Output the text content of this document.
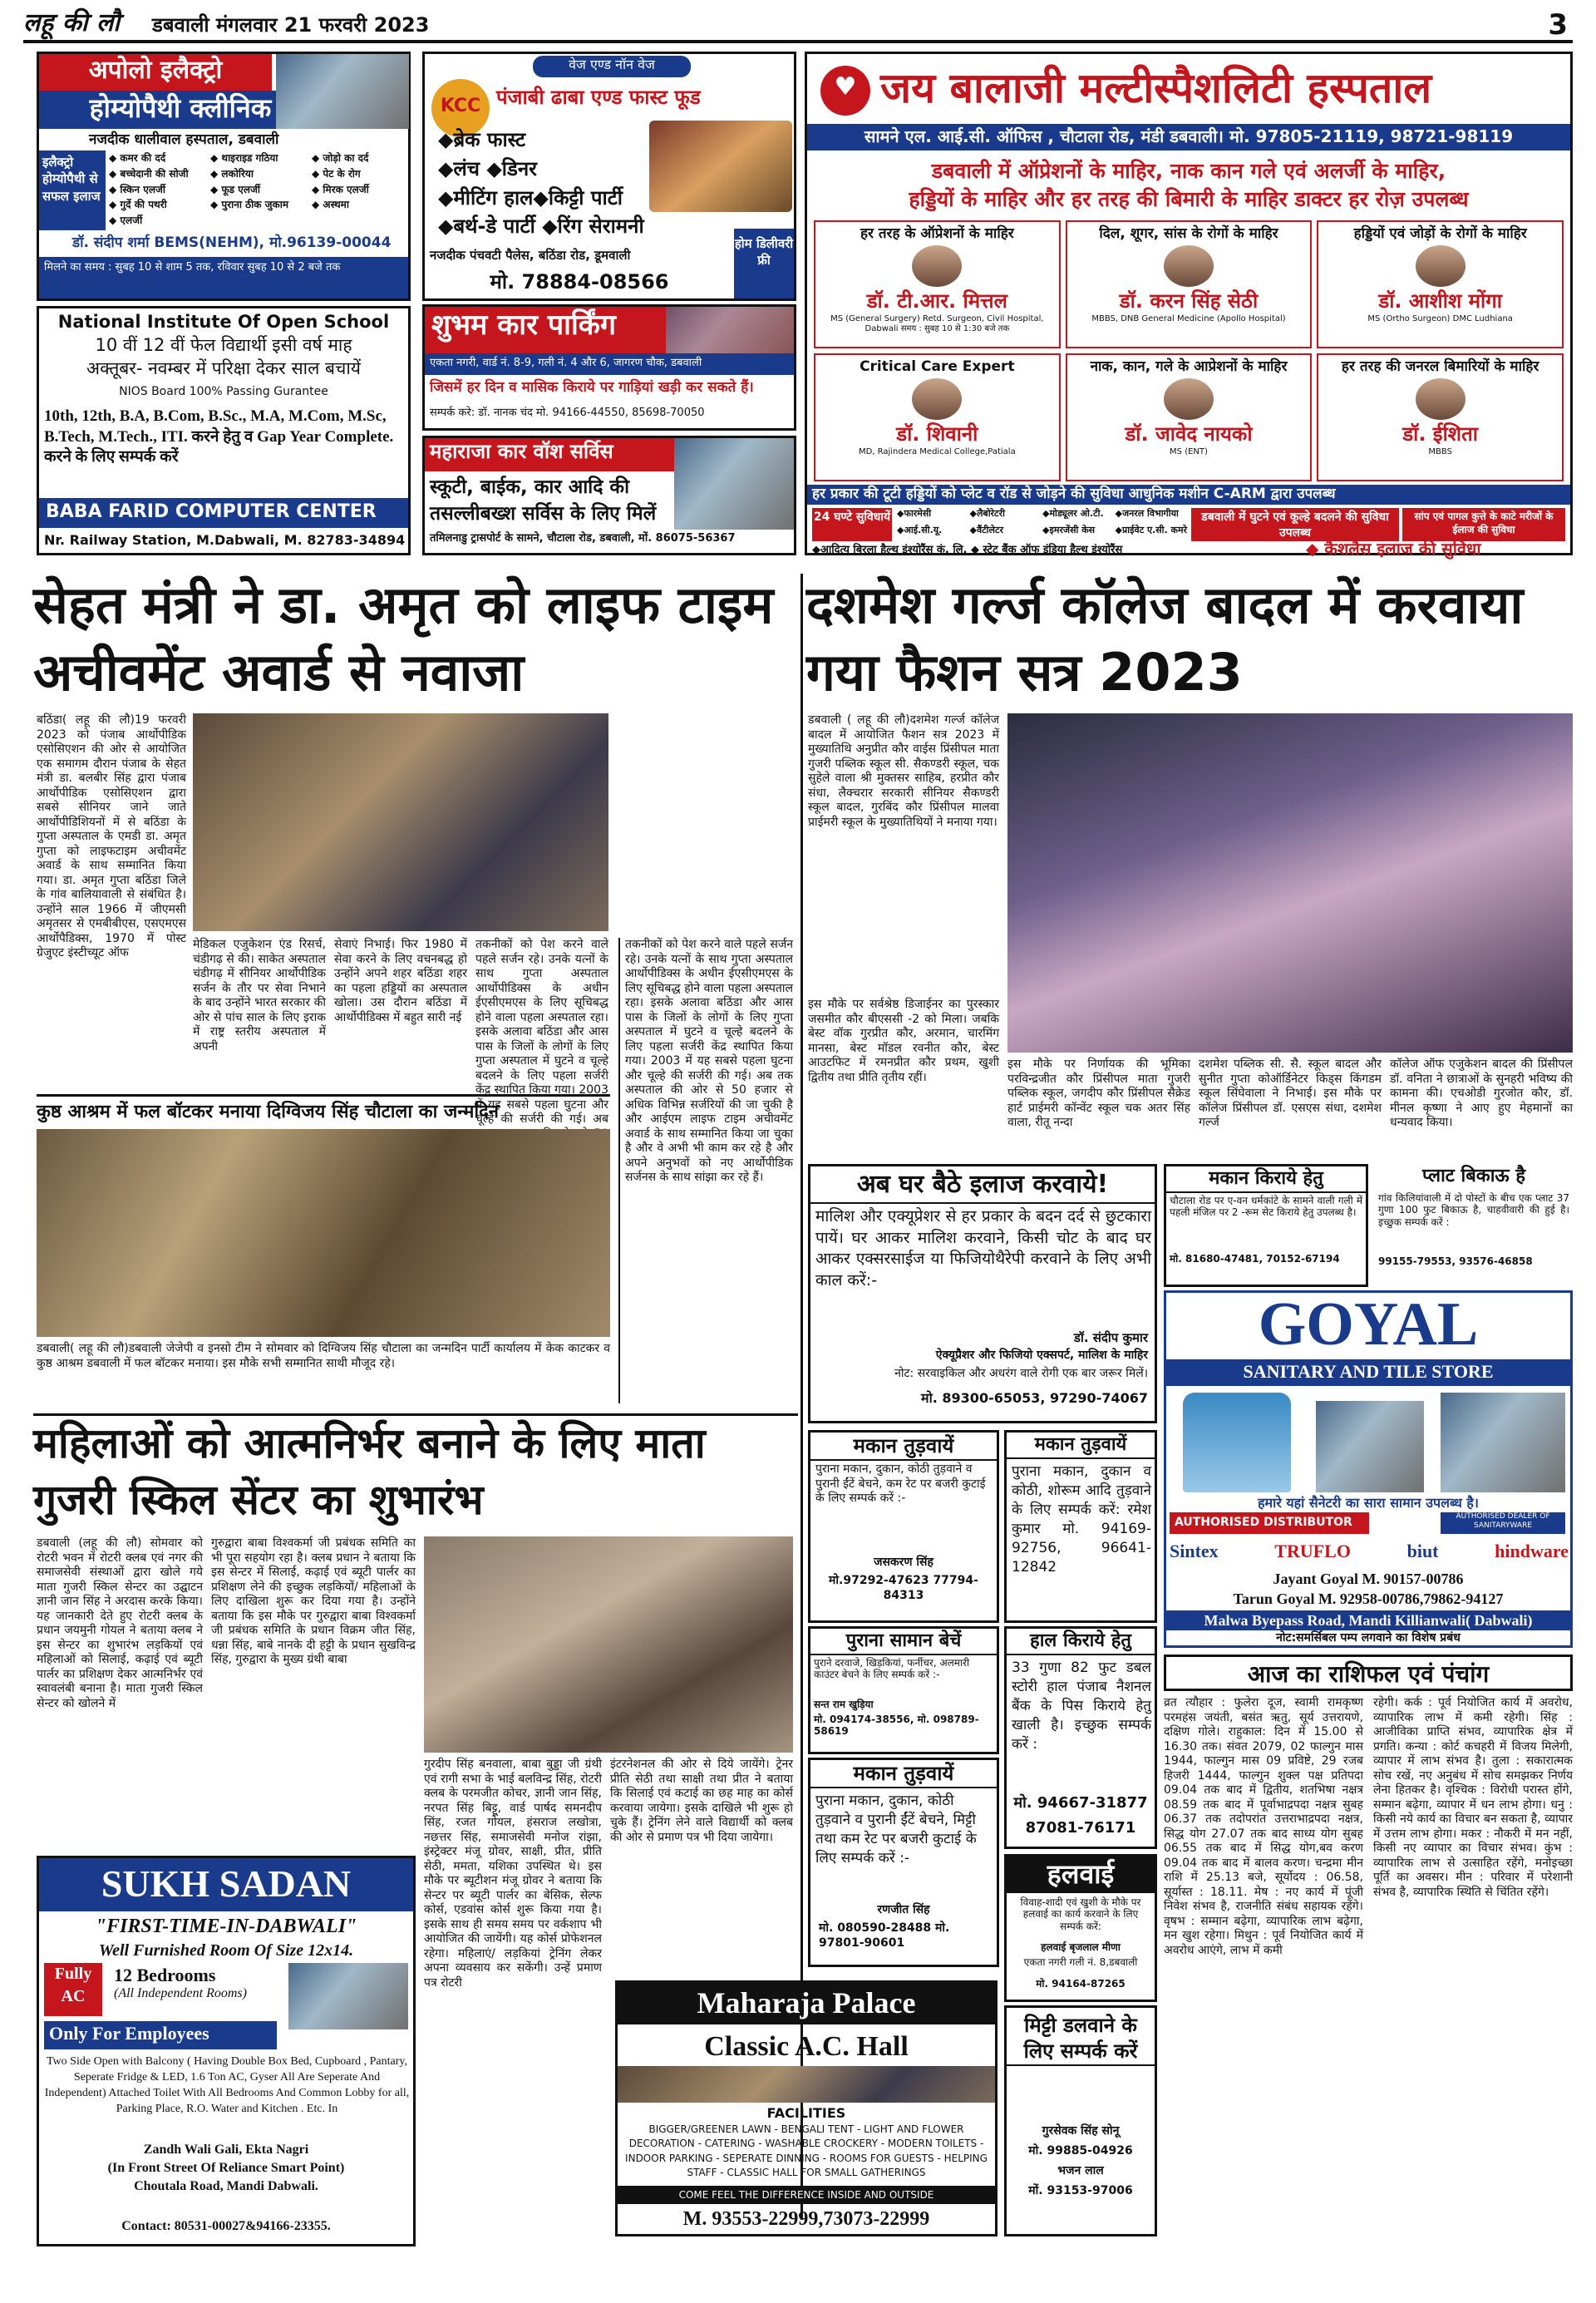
लहू की लौ डबवाली मंगलवार 21 फरवरी 2023	3
अपोलो इलैक्ट्रो
होम्योपैथी क्लीनिक
नजदीक धालीवाल हस्पताल, डबवाली
इलैक्ट्रो होम्योपैथी से सफल इलाज
◆ कमर की दर्द	◆ थाइराइड गठिया	◆ जोड़ो का दर्द
◆ बच्चेदानी की सोजी	◆ लकोरिया	◆ पेट के रोग
◆ स्किन एलर्जी	◆ फूड एलर्जी	◆ मिरक एलर्जी
◆ गुर्दे की पथरी	◆ पुराना ठीक जुकाम	◆ अस्थमा
◆ एलर्जी
डॉ. संदीप शर्मा BEMS(NEHM), मो.96139-00044
मिलने का समय : सुबह 10 से शाम 5 तक, रविवार सुबह 10 से 2 बजे तक
National Institute Of Open School
10 वीं 12 वीं फेल विद्यार्थी इसी वर्ष माह
अक्तूबर- नवम्बर में परिक्षा देकर साल बचायें
NIOS Board 100% Passing Gurantee
10th, 12th, B.A, B.Com, B.Sc., M.A, M.Com, M.Sc, B.Tech, M.Tech., ITI. करने हेतु व Gap Year Complete. करने के लिए सम्पर्क करें
BABA FARID COMPUTER CENTER
Nr. Railway Station, M.Dabwali, M. 82783-34894
वेज एण्ड नॉन वेज
KCC पंजाबी ढाबा एण्ड फास्ट फूड
◆ब्रेक फास्ट
◆लंच ◆डिनर
◆मीटिंग हाल◆किट्टी पार्टी
◆बर्थ-डे पार्टी ◆रिंग सेरामनी
नजदीक पंचवटी पैलेस, बठिंडा रोड, डूमवाली
मो. 78884-08566
होम डिलीवरी फ्री
शुभम कार पार्किंग
एकता नगरी, वार्ड नं. 8-9, गली नं. 4 और 6, जागरण चौक, डबवाली
जिसमें हर दिन व मासिक किराये पर गाड़ियां खड़ी कर सकते हैं।
सम्पर्क करे: डॉ. नानक चंद मो. 94166-44550, 85698-70050
महाराजा कार वॉश सर्विस
स्कूटी, बाईक, कार आदि की
तसल्लीबख्श सर्विस के लिए मिलें
तमिलनाडु ट्रासपोर्ट के सामने, चौटाला रोड, डबवाली, मों. 86075-56367
♥ जय बालाजी मल्टीस्पैशलिटी हस्पताल
सामने एल. आई.सी. ऑफिस , चौटाला रोड, मंडी डबवाली। मो. 97805-21119, 98721-98119
डबवाली में ऑप्रेशनों के माहिर, नाक कान गले एवं अलर्जी के माहिर,
हड्डियों के माहिर और हर तरह की बिमारी के माहिर डाक्टर हर रोज़ उपलब्ध
हर तरह के ऑप्रेशनों के माहिर
डॉ. टी.आर. मित्तल
MS (General Surgery) Retd. Surgeon, Civil Hospital, Dabwali समय : सुबह 10 से 1:30 बजे तक
दिल, शूगर, सांस के रोगों के माहिर
डॉ. करन सिंह सेठी
MBBS, DNB General Medicine (Apollo Hospital)
हड्डियों एवं जोड़ों के रोगों के माहिर
डॉ. आशीश मोंगा
MS (Ortho Surgeon) DMC Ludhiana
Critical Care Expert
डॉ. शिवानी
MD, Rajindera Medical College,Patiala
नाक, कान, गले के आप्रेशनों के माहिर
डॉ. जावेद नायको
MS (ENT)
हर तरह की जनरल बिमारियों के माहिर
डॉ. ईशिता
MBBS
हर प्रकार की टूटी हड्डियों को प्लेट व रॉड से जोड़ने की सुविधा आधुनिक मशीन C-ARM द्वारा उपलब्ध
24 घण्टे सुविधायें ◆फारमेसी	◆लैबोरेटरी	◆मोड्यूलर ओ.टी.	◆जनरल विभागीया
◆आई.सी.यू.	◆वैंटीलेटर	◆इमरजेंसी केस	◆प्राईवेट ए.सी. कमरे
डबवाली में घुटने एवं कूल्हे बदलने की सुविधा उपलब्ध
सांप एवं पागल कुत्ते के काटे मरीजों के ईलाज की सुविधा
◆आदित्य बिरला हैल्थ इंश्योरैंस कं. लि. ◆ स्टेट बैंक ऑफ इंडिया हैल्थ इंश्योरैंस	◆ कैशलैस इलाज की सुविधा
सेहत मंत्री ने डा. अमृत को लाइफ टाइम अचीवमेंट अवार्ड से नवाजा
बठिंडा( लहू की लौ)19 फरवरी 2023 को पंजाब आर्थोपीडिक एसोसिएशन की ओर से आयोजित एक समागम दौरान पंजाब के सेहत मंत्री डा. बलबीर सिंह द्वारा पंजाब आर्थोपीडिक एसोसिएशन द्वारा सबसे सीनियर जाने जाते आर्थोपीडिशियनों में से बठिंडा के गुप्ता अस्पताल के एमडी डा. अमृत गुप्ता को लाइफटाइम अचीवमेंट अवार्ड के साथ सम्मानित किया गया। डा. अमृत गुप्ता बठिंडा जिले के गांव बालियावाली से संबंधित है। उन्होंने साल 1966 में जीएमसी अमृतसर से एमबीबीएस, एसएमएस आर्थोपैडिक्स, 1970 में पोस्ट ग्रेजुएट इंस्टीच्यूट ऑफ
मेडिकल एजुकेशन एंड रिसर्च, चंडीगढ़ से की। साकेत अस्पताल चंडीगढ़ में सीनियर आर्थोपीडिक सर्जन के तौर पर सेवा निभाने के बाद उन्होंने भारत सरकार की ओर से पांच साल के लिए इराक में राष्ट्र स्तरीय अस्पताल में अपनी
सेवाएं निभाई। फिर 1980 में सेवा करने के लिए वचनबद्ध हो उन्होंने अपने शहर बठिंडा शहर का पहला हड्डियों का अस्पताल खोला। उस दौरान बठिंडा में आर्थोपीडिक्स में बहुत सारी नई
तकनीकों को पेश करने वाले पहले सर्जन रहे। उनके यत्नों के साथ गुप्ता अस्पताल आर्थोपीडिक्स के अधीन ईएसीएमएस के लिए सूचिबद्ध होने वाला पहला अस्पताल रहा। इसके अलावा बठिंडा और आस पास के जिलों के लोगों के लिए गुप्ता अस्पताल में घुटने व चूल्हे बदलने के लिए पहला सर्जरी केंद्र स्थापित किया गया। 2003 में यह सबसे पहला घुटना और चूल्हे की सर्जरी की गई। अब
कुष्ठ आश्रम में फल बॉटकर मनाया दिग्विजय सिंह चौटाला का जन्मदिन
डबवाली( लहू की लौ)डबवाली जेजेपी व इनसो टीम ने सोमवार को दिग्विजय सिंह चौटाला का जन्मदिन पार्टी कार्यालय में केक काटकर व कुष्ठ आश्रम डबवाली में फल बॉटकर मनाया। इस मौके सभी सम्मानित साथी मौजूद रहे।
तकनीकों को पेश करने वाले पहले सर्जन रहे। उनके यत्नों के साथ गुप्ता अस्पताल आर्थोपीडिक्स के अधीन ईएसीएमएस के लिए सूचिबद्ध होने वाला पहला अस्पताल रहा। इसके अलावा बठिंडा और आस पास के जिलों के लोगों के लिए गुप्ता अस्पताल में घुटने व चूल्हे बदलने के लिए पहला सर्जरी केंद्र स्थापित किया गया। 2003 में यह सबसे पहला घुटना और चूल्हे की सर्जरी की गई। अब तक अस्पताल की ओर से 50 हजार से अधिक विभिन्न सर्जरियों की जा चुकी है और आईएम लाइफ टाइम अचीवमेंट अवार्ड के साथ सम्मानित किया जा चुका है और वे अभी भी काम कर रहे है और अपने अनुभवों को नए आर्थोपीडिक सर्जनस के साथ सांझा कर रहे हैं।
महिलाओं को आत्मनिर्भर बनाने के लिए माता गुजरी स्किल सेंटर का शुभारंभ
डबवाली (लहू की लौ) सोमवार को रोटरी भवन में रोटरी क्लब एवं नगर की समाजसेवी संस्थाओं द्वारा खोले गये माता गुजरी स्किल सेन्टर का उद्घाटन ज्ञानी जान सिंह ने अरदास करके किया। यह जानकारी देते हुए रोटरी क्लब के प्रधान जयमुनी गोयल ने बताया क्लब ने इस सेन्टर का शुभारंभ लड़कियों एवं महिलाओं को सिलाई, कढ़ाई एवं ब्यूटी पार्लर का प्रशिक्षण देकर आत्मनिर्भर एवं स्वावलंबी बनाना है। माता गुजरी स्किल सेन्टर को खोलने में
गुरुद्वारा बाबा विश्वकर्मा जी प्रबंधक समिति का भी पूरा सहयोग रहा है। क्लब प्रधान ने बताया कि इस सेन्टर में सिलाई, कढ़ाई एवं ब्यूटी पार्लर का प्रशिक्षण लेने की इच्छुक लड़कियों/ महिलाओं के लिए दाखिला शुरू कर दिया गया है। उन्होंने बताया कि इस मौके पर गुरुद्वारा बाबा विश्वकर्मा जी प्रबंधक समिति के प्रधान विक्रम जीत सिंह, धन्ना सिंह, बाबे नानके दी हट्टी के प्रधान सुखविन्द्र सिंह, गुरुद्वारा के मुख्य ग्रंथी बाबा
गुरदीप सिंह बनवाला, बाबा बुड्डा जी ग्रंथी एवं रागी सभा के भाई बलविन्द्र सिंह, रोटरी क्लब के परमजीत कोचर, ज्ञानी जान सिंह, नरपत सिंह बिट्टू, वार्ड पार्षद समनदीप सिंह, रजत गोयल, हंसराज लखोत्रा, नछत्तर सिंह, समाजसेवी मनोज रांझा, इंस्ट्रेक्टर मंजू ग्रोवर, साक्षी, प्रीत, प्रीति सेठी, ममता, यशिका उपस्थित थे। इस मौके पर ब्यूटीशन मंजू ग्रोवर ने बताया कि सेन्टर पर ब्यूटी पार्लर का बेसिक, सेल्फ कोर्स, एडवांस कोर्स शुरू किया गया है। इसके साथ ही समय समय पर वर्कशाप भी आयोजित की जायेंगी। यह कोर्स प्रोफेशनल रहेगा। महिलाएं/ लड़कियां ट्रेनिंग लेकर अपना व्यवसाय कर सकेंगी। उन्हें प्रमाण पत्र रोटरी
इंटरनेशनल की ओर से दिये जायेंगे। ट्रेनर प्रीति सेठी तथा साक्षी तथा प्रीत ने बताया कि सिलाई एवं कटाई का छह माह का कोर्स करवाया जायेगा। इसके दाखिले भी शुरू हो चुके हैं। ट्रेनिंग लेने वाले विद्यार्थी को क्लब की ओर से प्रमाण पत्र भी दिया जायेगा।
SUKH SADAN
"FIRST-TIME-IN-DABWALI"
Well Furnished Room Of Size 12x14.
Fully AC
12 Bedrooms
(All Independent Rooms)
Only For Employees
Two Side Open with Balcony ( Having Double Box Bed, Cupboard , Pantary, Seperate Fridge & LED, 1.6 Ton AC, Gyser All Are Seperate And Independent) Attached Toilet With All Bedrooms And Common Lobby for all, Parking Place, R.O. Water and Kitchen . Etc. In
Zandh Wali Gali, Ekta Nagri
(In Front Street Of Reliance Smart Point)
Choutala Road, Mandi Dabwali.
Contact: 80531-00027&94166-23355.
दशमेश गर्ल्ज कॉलेज बादल में करवाया गया फैशन सत्र 2023
डबवाली ( लहू की लौ)दशमेश गर्ल्ज कॉलेज बादल में आयोजित फैशन सत्र 2023 में मुख्यातिथि अनुप्रीत कौर वाईस प्रिंसीपल माता गुजरी पब्लिक स्कूल सी. सैकण्डरी स्कूल, चक सुहेले वाला श्री मुक्तसर साहिब, हरप्रीत कौर संधा, लैक्चरार सरकारी सीनियर सैकण्डरी स्कूल बादल, गुरबिंद कौर प्रिंसीपल मालवा प्राईमरी स्कूल के मुख्यातिथियों ने मनाया गया।
इस मौके पर निर्णायक की भूमिका परविन्द्रजीत कौर प्रिंसीपल माता गुजरी पब्लिक स्कूल, जगदीप कौर प्रिंसीपल सैक्रेड हार्ट प्राईमरी कॉन्वेंट स्कूल चक अतर सिंह वाला, रीतू नन्दा
दशमेश पब्लिक सी. सै. स्कूल बादल और सुनीत गुप्ता कोऑर्डिनेटर किड्स किंगडम स्कूल सिंघेवाला ने निभाई। इस मौके पर कॉलेज प्रिंसीपल डॉ. एसएस संधा, दशमेश गर्ल्ज
कॉलेज ऑफ एजुकेशन बादल की प्रिंसीपल डॉ. वनिता ने छात्राओं के सुनहरी भविष्य की कामना की। एचओडी गुरजोत कौर, डॉ. मीनल कृष्णा ने आए हुए मेहमानों का धन्यवाद किया।
इस मौके पर सर्वश्रेष्ठ डिजाईनर का पुरस्कार जसमीत कौर बीएससी -2 को मिला। जबकि बेस्ट वॉक गुरप्रीत कौर, अरमान, चारमिंग मानसा, बेस्ट मॉडल रवनीत कौर, बेस्ट आउटफिट में रमनप्रीत कौर प्रथम, खुशी द्वितीय तथा प्रीति तृतीय रहीं।
अब घर बैठे इलाज करवाये!
मालिश और एक्यूप्रेशर से हर प्रकार के बदन दर्द से छुटकारा पायें। घर आकर मालिश करवाने, किसी चोट के बाद घर आकर एक्सरसाईज या फिजियोथैरेपी करवाने के लिए अभी काल करें:-
डॉ. संदीप कुमार
ऐक्यूप्रैशर और फिजियो एक्सपर्ट, मालिश के माहिर
नोट: सरवाइकिल और अधरंग वाले रोगी एक बार जरूर मिलें।
मो. 89300-65053, 97290-74067
मकान किराये हेतु
चौटाला रोड पर ए-वन धर्मकांटे के सामने वाली गली में पहली मंजिल पर 2 -रूम सेट किराये हेतु उपलब्ध है।
मो. 81680-47481, 70152-67194
प्लाट बिकाऊ है
गांव किलियांवाली में दो पोस्टों के बीच एक प्लाट 37 गुणा 100 फुट बिकाऊ है, चाहवीवारी की हुई है। इच्छुक सम्पर्क करें :
99155-79553, 93576-46858
GOYAL
SANITARY AND TILE STORE
हमारे यहां सैनेटरी का सारा सामान उपलब्ध है।
AUTHORISED DISTRIBUTOR	AUTHORISED DEALER OF SANITARYWARE
Sintex	TRUFLO	biut	hindware
Jayant Goyal M. 90157-00786
Tarun Goyal M. 92958-00786,79862-94127
Malwa Byepass Road, Mandi Killianwali( Dabwali)
नोट:समर्सिबल पम्प लगवाने का विशेष प्रबंध
मकान तुड़वायें
पुराना मकान, दुकान, कोठी तुड़वाने व पुरानी ईंटें बेचने, कम रेट पर बजरी कुटाई के लिए सम्पर्क करें :-
जसकरण सिंह
मो.97292-47623 77794-84313
मकान तुड़वायें
पुराना मकान, दुकान व कोठी, शोरूम आदि तुड़वाने के लिए सम्पर्क करें: रमेश कुमार मो. 94169-92756, 96641-12842
पुराना सामान बेचें
पुराने दरवाजे, खिड़कियां, फर्नीचर, अलमारी काउंटर बेचने के लिए सम्पर्क करें :-
सन्त राम खुड़िया
मो. 094174-38556, मो. 098789-58619
हाल किराये हेतु
33 गुणा 82 फुट डबल स्टोरी हाल पंजाब नैशनल बैंक के पिस किराये हेतु खाली है। इच्छुक सम्पर्क करें :
मो. 94667-31877
87081-76171
मकान तुड़वायें
पुराना मकान, दुकान, कोठी तुड़वाने व पुरानी ईंटें बेचने, मिट्टी तथा कम रेट पर बजरी कुटाई के लिए सम्पर्क करें :-
रणजीत सिंह
मो. 080590-28488 मो. 97801-90601
हलवाई
विवाह-शादी एवं खुशी के मौके पर हलवाई का कार्य करवाने के लिए सम्पर्क करें:
हलवाई बृजलाल मीणा
एकता नगरी गली नं. 8,डबवाली
मो. 94164-87265
Maharaja Palace
Classic A.C. Hall
FACILITIES
BIGGER/GREENER LAWN - BENGALI TENT - LIGHT AND FLOWER DECORATION - CATERING - WASHABLE CROCKERY - MODERN TOILETS - INDOOR PARKING - SEPERATE DINNING - ROOMS FOR GUESTS - HELPING STAFF - CLASSIC HALL FOR SMALL GATHERINGS
COME FEEL THE DIFFERENCE INSIDE AND OUTSIDE
M. 93553-22999,73073-22999
मिट्टी डलवाने के लिए सम्पर्क करें
गुरसेवक सिंह सोनू
मो. 99885-04926
भजन लाल
मों. 93153-97006
आज का राशिफल एवं पंचांग
व्रत त्यौहार : फुलेरा दूज, स्वामी रामकृष्ण परमहंस जयंती, बसंत ऋतु, सूर्य उत्तरायणे, दक्षिण गोले। राहुकाल: दिन में 15.00 से 16.30 तक। संवत 2079, 02 फाल्गुन मास 1944, फाल्गुन मास 09 प्रविष्टे, 29 रजब हिजरी 1444, फाल्गुन शुक्ल पक्ष प्रतिपदा 09.04 तक बाद में द्वितीय, शतभिषा नक्षत्र 08.59 तक बाद में पूर्वाभाद्रपदा नक्षत्र सुबह 06.37 तक तदोपरांत उत्तराभाद्रपदा नक्षत्र, सिद्ध योग 27.07 तक बाद साध्य योग सुबह 06.55 तक बाद में सिद्ध योग,बव करण 09.04 तक बाद में बालव करण। चन्द्रमा मीन राशि में 25.13 बजे, सूर्योदय : 06.58, सूर्यास्त : 18.11. मेष : नए कार्य में पूंजी निवेश संभव है, राजनीति संबंध सहायक रहेंगे। वृषभ : सम्मान बढ़ेगा, व्यापारिक लाभ बढ़ेगा, मन खुश रहेगा। मिथुन : पूर्व नियोजित कार्य में अवरोध आएंगे, लाभ में कमी
रहेगी। कर्क : पूर्व नियोजित कार्य में अवरोध, व्यापारिक लाभ में कमी रहेगी। सिंह : आजीविका प्राप्ति संभव, व्यापारिक क्षेत्र में प्रगति। कन्या : कोर्ट कचहरी में विजय मिलेगी, व्यापार में लाभ संभव है। तुला : सकारात्मक सोच रखें, नए अनुबंध में सोच समझकर निर्णय लेना हितकर है। वृश्चिक : विरोधी परास्त होंगे, सम्मान बढ़ेगा, व्यापार में धन लाभ होगा। धनु : किसी नये कार्य का विचार बन सकता है, व्यापार में उत्तम लाभ होगा। मकर : नौकरी में मन नहीं, किसी नए व्यापार का विचार संभव। कुंभ : व्यापारिक लाभ से उत्साहित रहेंगे, मनोइच्छा पूर्ति का अवसर। मीन : परिवार में परेशानी संभव है, व्यापारिक स्थिति से चिंतित रहेंगे।
